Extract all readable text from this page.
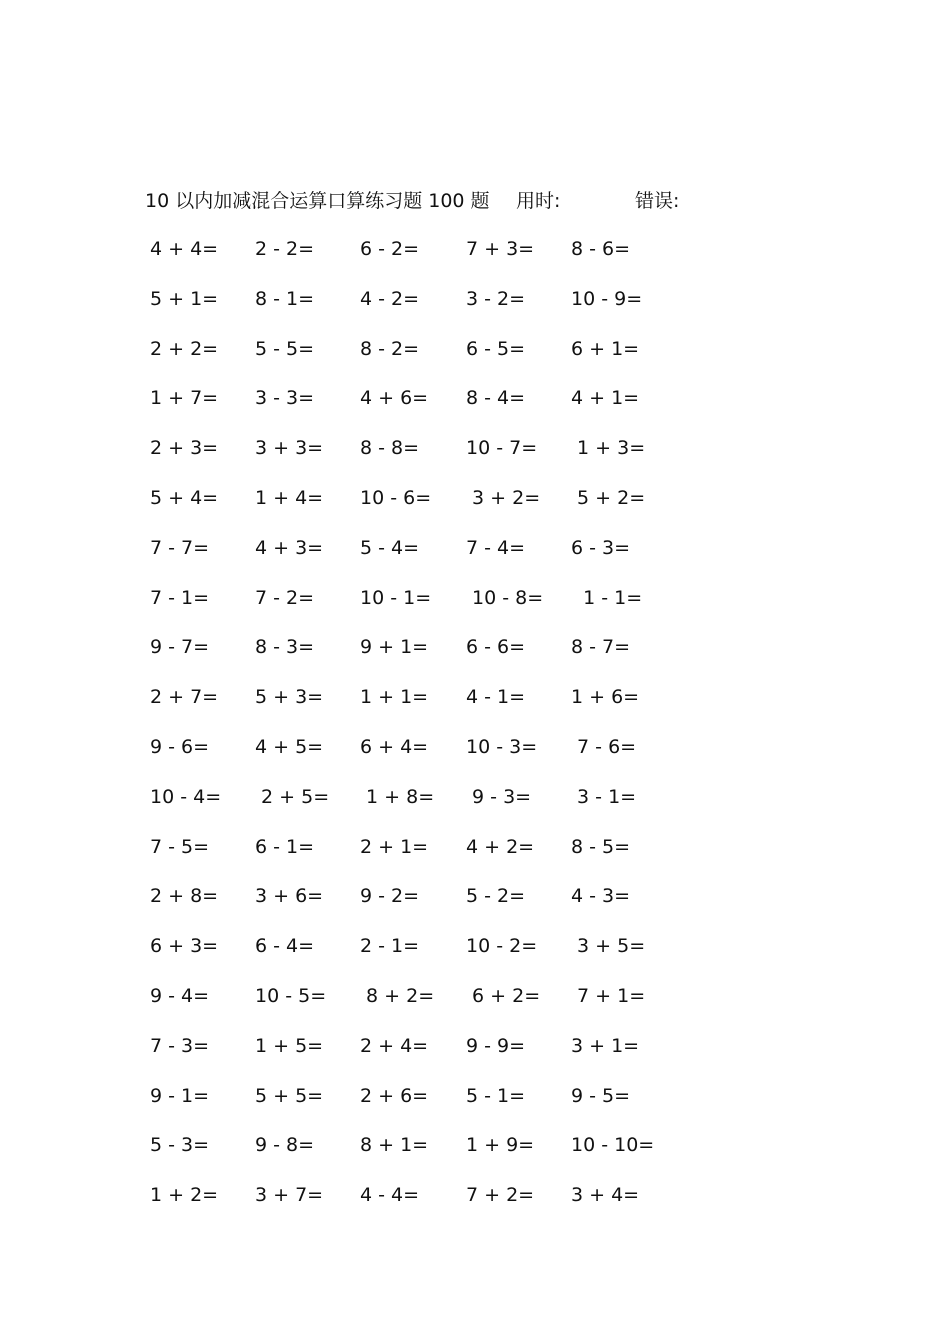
10 以内加减混合运算口算练习题 100 题 用时:	错误:
4 + 4= 2 - 2= 6 - 2= 7 + 3= 8 - 6=
5 + 1= 8 - 1= 4 - 2= 3 - 2= 10 - 9=
2 + 2= 5 - 5= 8 - 2= 6 - 5= 6 + 1=
1 + 7= 3 - 3= 4 + 6= 8 - 4= 4 + 1=
2 + 3= 3 + 3= 8 - 8= 10 - 7= 1 + 3=
5 + 4= 1 + 4= 10 - 6= 3 + 2= 5 + 2=
7 - 7= 4 + 3= 5 - 4= 7 - 4= 6 - 3=
7 - 1= 7 - 2= 10 - 1= 10 - 8= 1 - 1=
9 - 7= 8 - 3= 9 + 1= 6 - 6= 8 - 7=
2 + 7= 5 + 3= 1 + 1= 4 - 1= 1 + 6=
9 - 6= 4 + 5= 6 + 4= 10 - 3= 7 - 6=
10 - 4= 2 + 5= 1 + 8= 9 - 3= 3 - 1=
7 - 5= 6 - 1= 2 + 1= 4 + 2= 8 - 5=
2 + 8= 3 + 6= 9 - 2= 5 - 2= 4 - 3=
6 + 3= 6 - 4= 2 - 1= 10 - 2= 3 + 5=
9 - 4= 10 - 5= 8 + 2= 6 + 2= 7 + 1=
7 - 3= 1 + 5= 2 + 4= 9 - 9= 3 + 1=
9 - 1= 5 + 5= 2 + 6= 5 - 1= 9 - 5=
5 - 3= 9 - 8= 8 + 1= 1 + 9= 10 - 10=
1 + 2= 3 + 7= 4 - 4= 7 + 2= 3 + 4=
